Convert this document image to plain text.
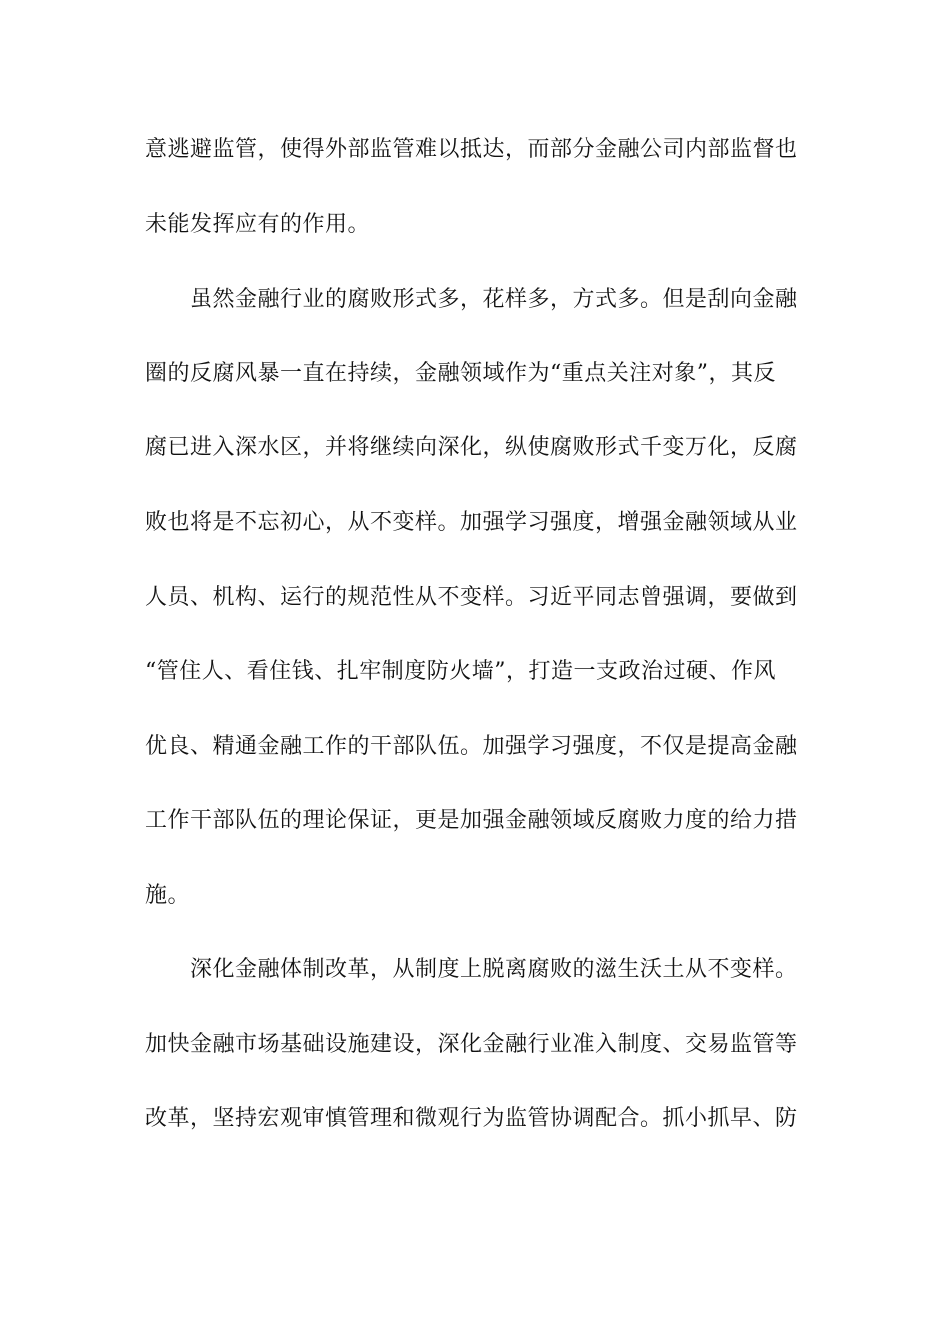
意逃避监管，使得外部监管难以抵达，而部分金融公司内部监督也
未能发挥应有的作用。
虽然金融行业的腐败形式多，花样多，方式多。但是刮向金融
圈的反腐风暴一直在持续，金融领域作为“重点关注对象”，其反
腐已进入深水区，并将继续向深化，纵使腐败形式千变万化，反腐
败也将是不忘初心，从不变样。加强学习强度，增强金融领域从业
人员、机构、运行的规范性从不变样。习近平同志曾强调，要做到
“管住人、看住钱、扎牢制度防火墙”，打造一支政治过硬、作风
优良、精通金融工作的干部队伍。加强学习强度，不仅是提高金融
工作干部队伍的理论保证，更是加强金融领域反腐败力度的给力措
施。
深化金融体制改革，从制度上脱离腐败的滋生沃土从不变样。
加快金融市场基础设施建设，深化金融行业准入制度、交易监管等
改革，坚持宏观审慎管理和微观行为监管协调配合。抓小抓早、防
